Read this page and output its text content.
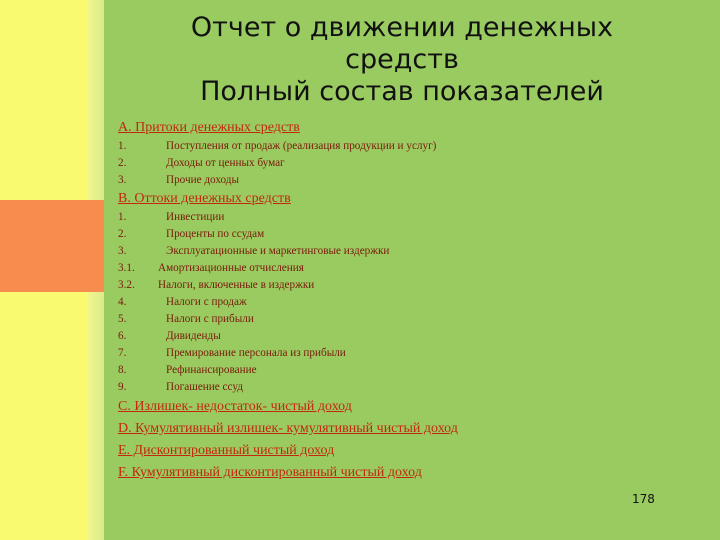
Отчет о движении денежных
средств
Полный состав показателей
А. Притоки денежных средств
1.	Поступления от продаж (реализация продукции и услуг)
2.	Доходы от ценных бумаг
3.	Прочие доходы
В. Оттоки денежных средств
1.	Инвестиции
2.	Проценты по ссудам
3.	Эксплуатационные и маркетинговые издержки
3.1.	Амортизационные отчисления
3.2.	Налоги, включенные в издержки
4.	Налоги с продаж
5.	Налоги с прибыли
6.	Дивиденды
7.	Премирование персонала из прибыли
8.	Рефинансирование
9.	Погашение ссуд
С. Излишек- недостаток- чистый доход
D. Кумулятивный излишек- кумулятивный чистый доход
Е. Дисконтированный чистый доход
F. Кумулятивный дисконтированный чистый доход
178
